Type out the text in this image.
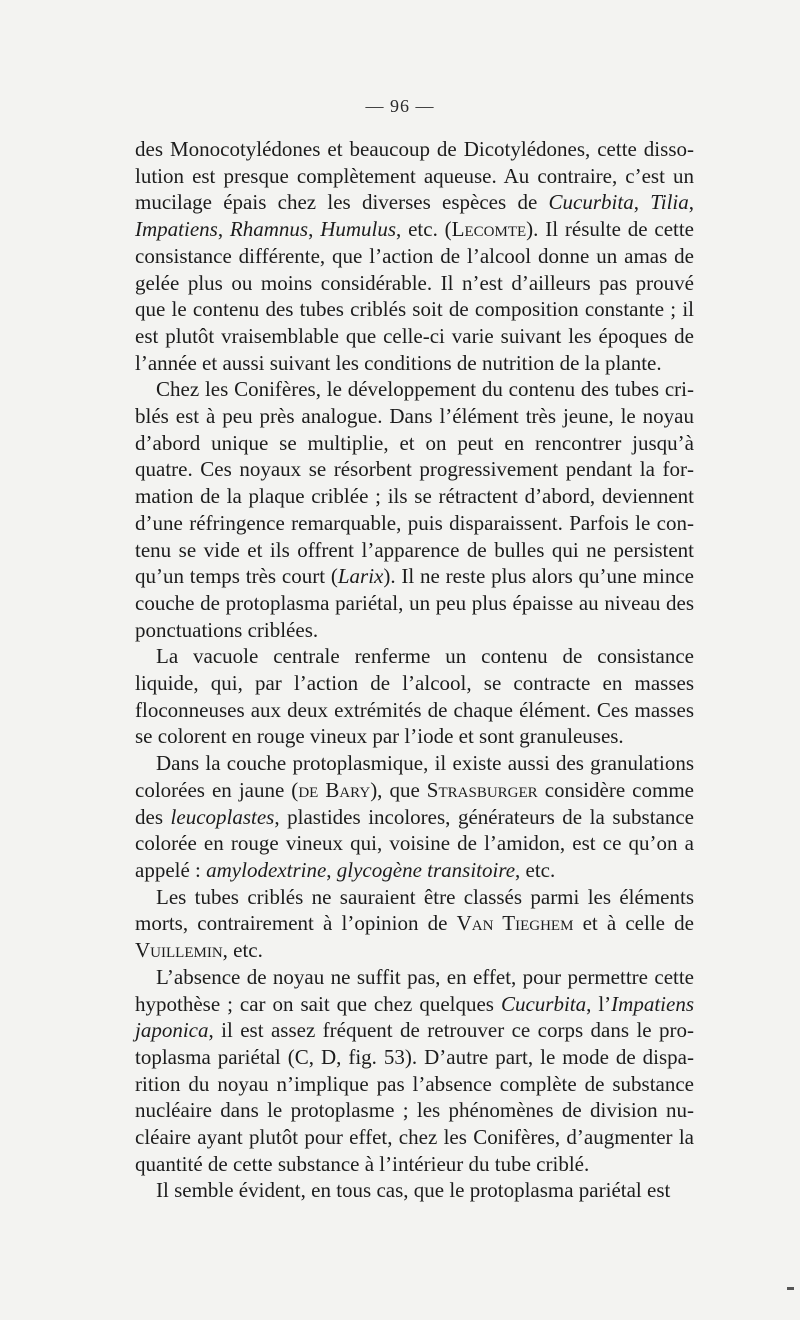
— 96 —

des Monocotylédones et beaucoup de Dicotylédones, cette dissolution est presque complètement aqueuse. Au contraire, c’est un mucilage épais chez les diverses espèces de Cucurbita, Tilia, Impatiens, Rhamnus, Humulus, etc. (Lecomte). Il résulte de cette consistance différente, que l’action de l’alcool donne un amas de gelée plus ou moins considérable. Il n’est d’ailleurs pas prouvé que le contenu des tubes criblés soit de composition constante ; il est plutôt vraisemblable que celle-ci varie suivant les époques de l’année et aussi suivant les conditions de nutrition de la plante.

Chez les Conifères, le développement du contenu des tubes criblés est à peu près analogue. Dans l’élément très jeune, le noyau d’abord unique se multiplie, et on peut en rencontrer jusqu’à quatre. Ces noyaux se résorbent progressivement pendant la formation de la plaque criblée ; ils se rétractent d’abord, deviennent d’une réfringence remarquable, puis disparaissent. Parfois le contenu se vide et ils offrent l’apparence de bulles qui ne persistent qu’un temps très court (Larix). Il ne reste plus alors qu’une mince couche de protoplasma pariétal, un peu plus épaisse au niveau des ponctuations criblées.

La vacuole centrale renferme un contenu de consistance liquide, qui, par l’action de l’alcool, se contracte en masses floconneuses aux deux extrémités de chaque élément. Ces masses se colorent en rouge vineux par l’iode et sont granuleuses.

Dans la couche protoplasmique, il existe aussi des granulations colorées en jaune (de Bary), que Strasburger considère comme des leucoplastes, plastides incolores, générateurs de la substance colorée en rouge vineux qui, voisine de l’amidon, est ce qu’on a appelé : amylodextrine, glycogène transitoire, etc.

Les tubes criblés ne sauraient être classés parmi les éléments morts, contrairement à l’opinion de Van Tieghem et à celle de Vuillemin, etc.

L’absence de noyau ne suffit pas, en effet, pour permettre cette hypothèse ; car on sait que chez quelques Cucurbita, l’Impatiens japonica, il est assez fréquent de retrouver ce corps dans le protoplasma pariétal (C, D, fig. 53). D’autre part, le mode de disparition du noyau n’implique pas l’absence complète de substance nucléaire dans le protoplasme ; les phénomènes de division nucléaire ayant plutôt pour effet, chez les Conifères, d’augmenter la quantité de cette substance à l’intérieur du tube criblé.

Il semble évident, en tous cas, que le protoplasma pariétal est
